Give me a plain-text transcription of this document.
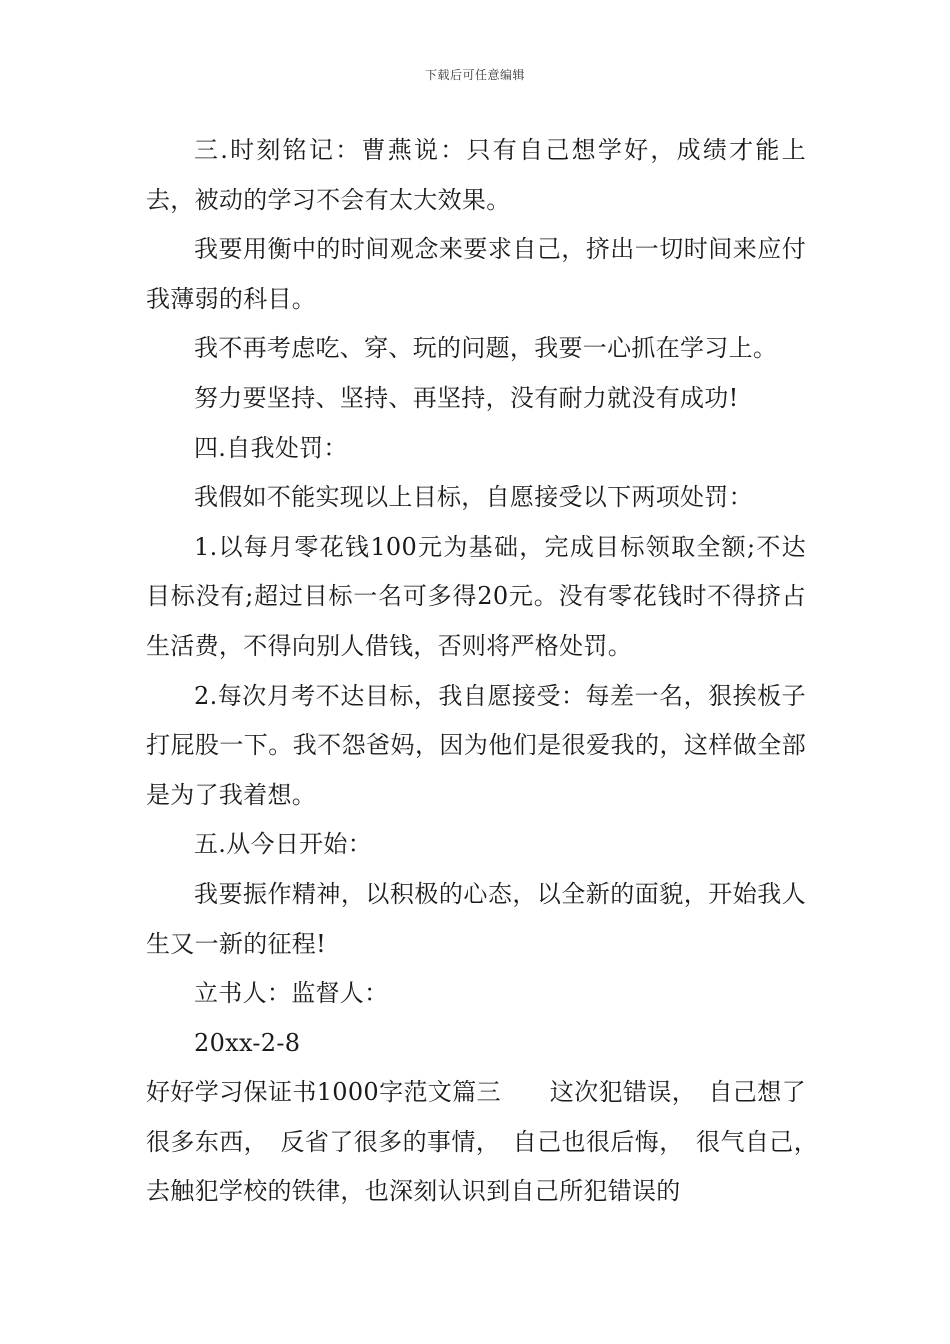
下载后可任意编辑

三.时刻铭记：曹燕说：只有自己想学好，成绩才能上去，被动的学习不会有太大效果。

我要用衡中的时间观念来要求自己，挤出一切时间来应付我薄弱的科目。

我不再考虑吃、穿、玩的问题，我要一心抓在学习上。

努力要坚持、坚持、再坚持，没有耐力就没有成功!

四.自我处罚：

我假如不能实现以上目标，自愿接受以下两项处罚：

1.以每月零花钱100元为基础，完成目标领取全额;不达目标没有;超过目标一名可多得20元。没有零花钱时不得挤占生活费，不得向别人借钱，否则将严格处罚。

2.每次月考不达目标，我自愿接受：每差一名，狠挨板子打屁股一下。我不怨爸妈，因为他们是很爱我的，这样做全部是为了我着想。

五.从今日开始：

我要振作精神，以积极的心态，以全新的面貌，开始我人生又一新的征程!

立书人：监督人：

20xx-2-8

好好学习保证书1000字范文篇三　　这次犯错误，　自己想了很多东西，　反省了很多的事情，　自己也很后悔，　很气自己，　去触犯学校的铁律，也深刻认识到自己所犯错误的
